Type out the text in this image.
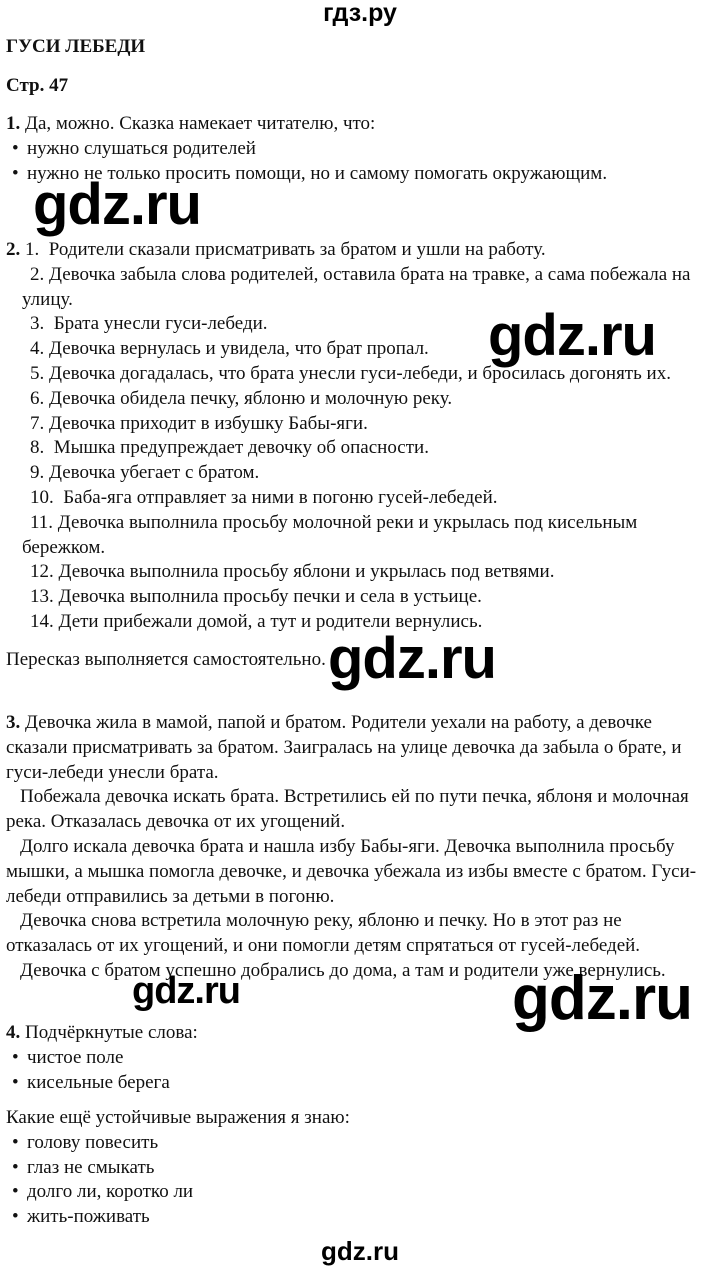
гдз.ру
ГУСИ ЛЕБЕДИ
Стр. 47
1. Да, можно. Сказка намекает читателю, что:
• нужно слушаться родителей
• нужно не только просить помощи, но и самому помогать окружающим.
gdz.ru
2. 1.  Родители сказали присматривать за братом и ушли на работу.
2. Девочка забыла слова родителей, оставила брата на травке, а сама побежала на
улицу.
3.  Брата унесли гуси-лебеди.
4. Девочка вернулась и увидела, что брат пропал.
5. Девочка догадалась, что брата унесли гуси-лебеди, и бросилась догонять их.
6. Девочка обидела печку, яблоню и молочную реку.
7. Девочка приходит в избушку Бабы-яги.
8.  Мышка предупреждает девочку об опасности.
9. Девочка убегает с братом.
10.  Баба-яга отправляет за ними в погоню гусей-лебедей.
11. Девочка выполнила просьбу молочной реки и укрылась под кисельным
бережком.
12. Девочка выполнила просьбу яблони и укрылась под ветвями.
13. Девочка выполнила просьбу печки и села в устьице.
14. Дети прибежали домой, а тут и родители вернулись.
Пересказ выполняется самостоятельно. gdz.ru
gdz.ru
3. Девочка жила в мамой, папой и братом. Родители уехали на работу, а девочке
сказали присматривать за братом. Заигралась на улице девочка да забыла о брате, и
гуси-лебеди унесли брата.
Побежала девочка искать брата. Встретились ей по пути печка, яблоня и молочная
река. Отказалась девочка от их угощений.
Долго искала девочка брата и нашла избу Бабы-яги. Девочка выполнила просьбу
мышки, а мышка помогла девочке, и девочка убежала из избы вместе с братом. Гуси-
лебеди отправились за детьми в погоню.
Девочка снова встретила молочную реку, яблоню и печку. Но в этот раз не
отказалась от их угощений, и они помогли детям спрятаться от гусей-лебедей.
Девочка с братом успешно добрались до дома, а там и родители уже вернулись.
gdz.ru	gdz.ru
4. Подчёркнутые слова:
• чистое поле
• кисельные берега
Какие ещё устойчивые выражения я знаю:
• голову повесить
• глаз не смыкать
• долго ли, коротко ли
• жить-поживать
gdz.ru
